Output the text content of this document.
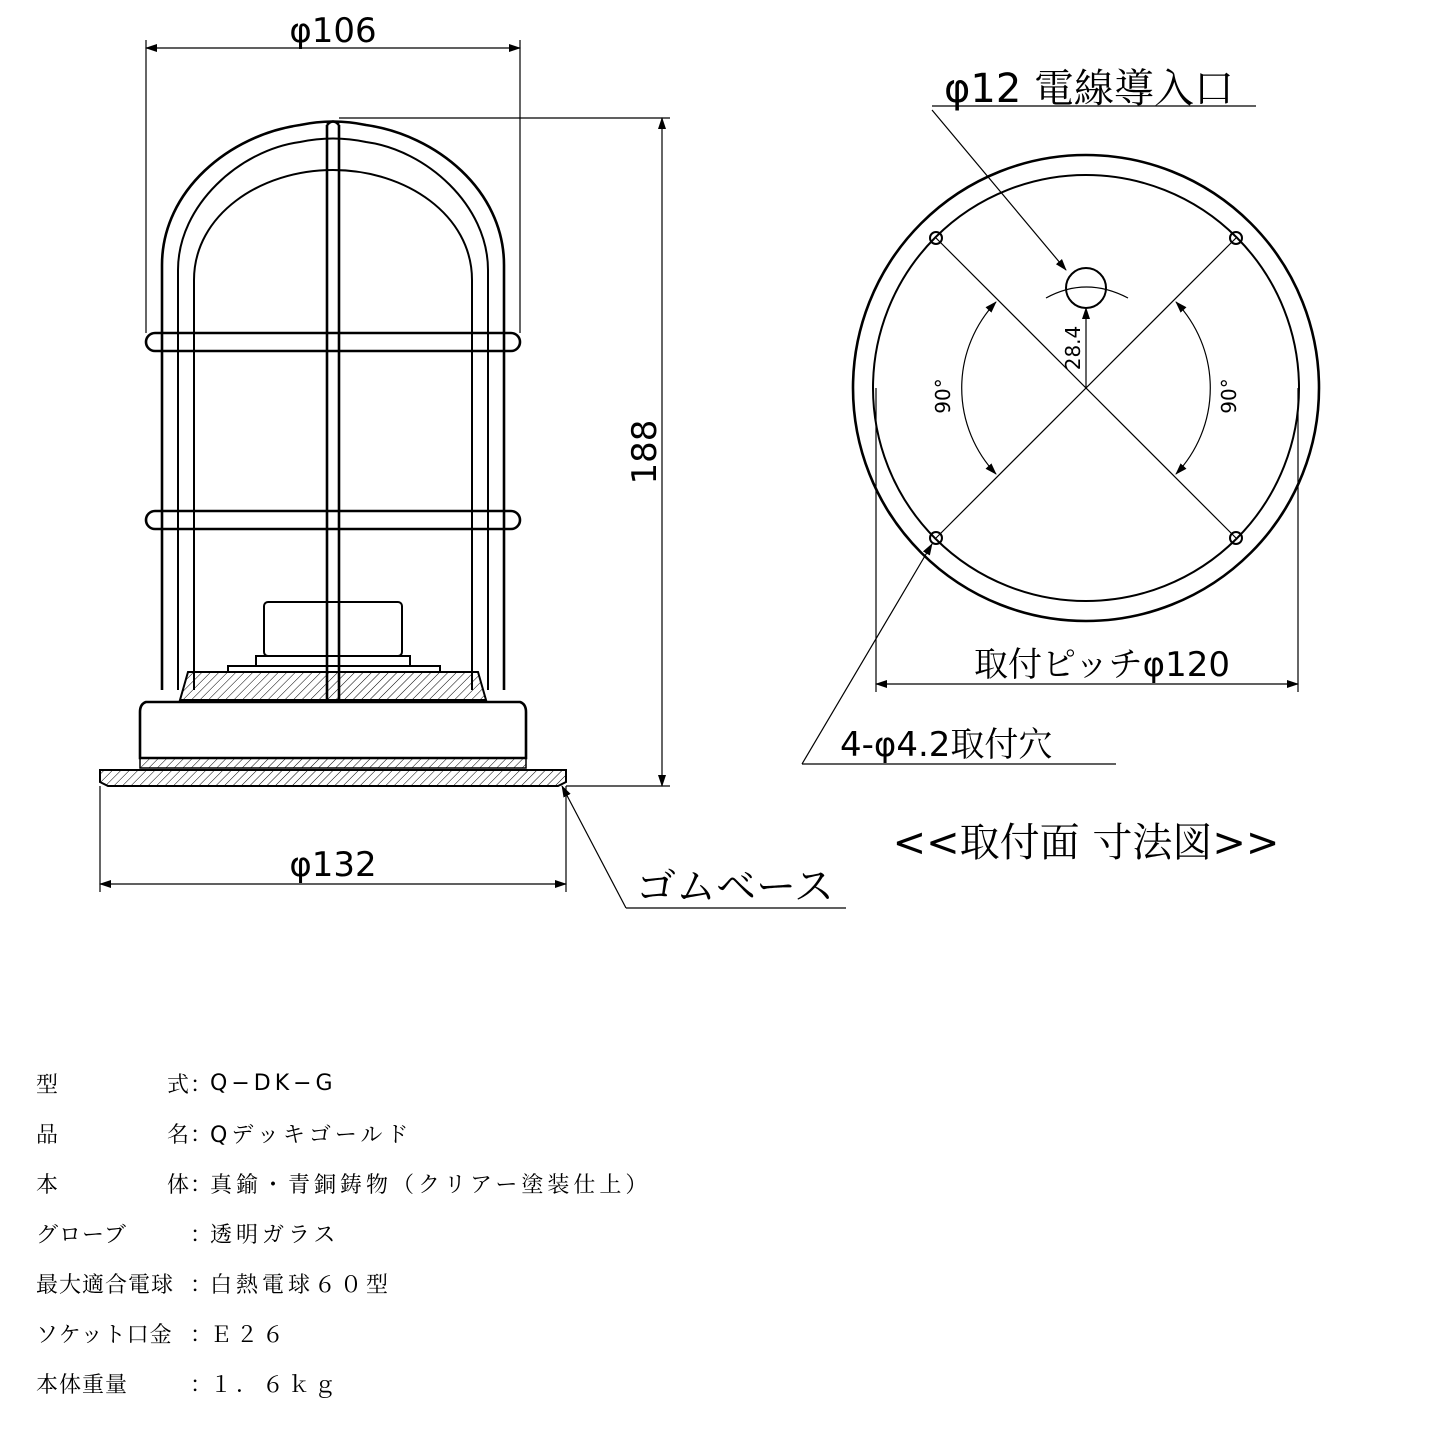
φ106
188
φ132	ゴムベース
φ12 電線導入口
28.4
90°	90°
取付ピッチφ120
4-φ4.2取付穴
<<取付面 寸法図>>
型 式 ：
Q−DK−G
品 名 ：
Qデッキゴールド
本 体 ：
真鍮・青銅鋳物（クリアー塗装仕上）
グローブ	：
透明ガラス
最大適合電球 ：
白熱電球６０型
ソケット口金 ：
Ｅ２６
本体重量	：
１．６ｋｇ
